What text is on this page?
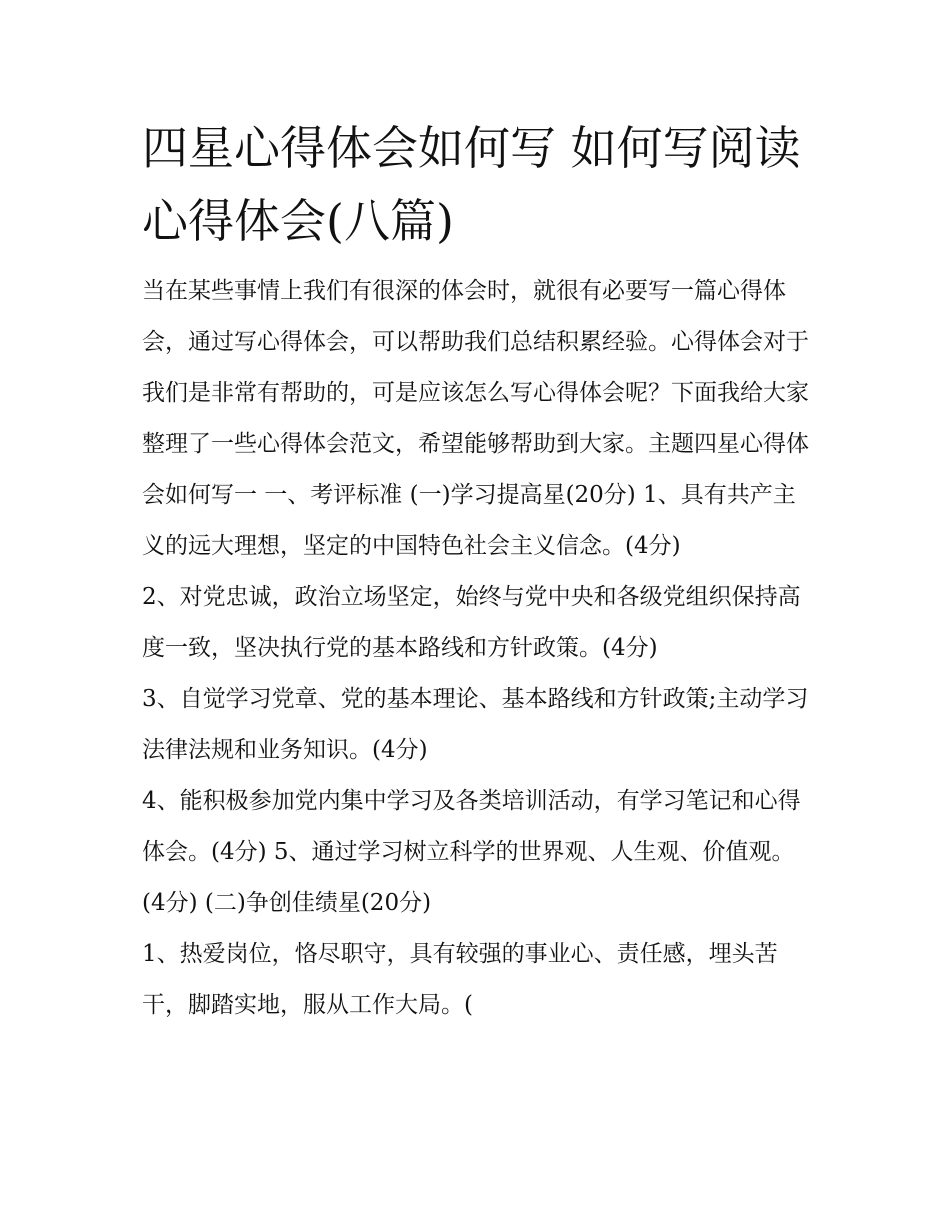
四星心得体会如何写 如何写阅读心得体会(八篇)

当在某些事情上我们有很深的体会时，就很有必要写一篇心得体会，通过写心得体会，可以帮助我们总结积累经验。心得体会对于我们是非常有帮助的，可是应该怎么写心得体会呢？下面我给大家整理了一些心得体会范文，希望能够帮助到大家。主题四星心得体会如何写一 一、考评标准 (一)学习提高星(20分) 1、具有共产主义的远大理想，坚定的中国特色社会主义信念。(4分)

2、对党忠诚，政治立场坚定，始终与党中央和各级党组织保持高度一致，坚决执行党的基本路线和方针政策。(4分)

3、自觉学习党章、党的基本理论、基本路线和方针政策;主动学习法律法规和业务知识。(4分)

4、能积极参加党内集中学习及各类培训活动，有学习笔记和心得体会。(4分) 5、通过学习树立科学的世界观、人生观、价值观。(4分) (二)争创佳绩星(20分)

1、热爱岗位，恪尽职守，具有较强的事业心、责任感，埋头苦干，脚踏实地，服从工作大局。(
